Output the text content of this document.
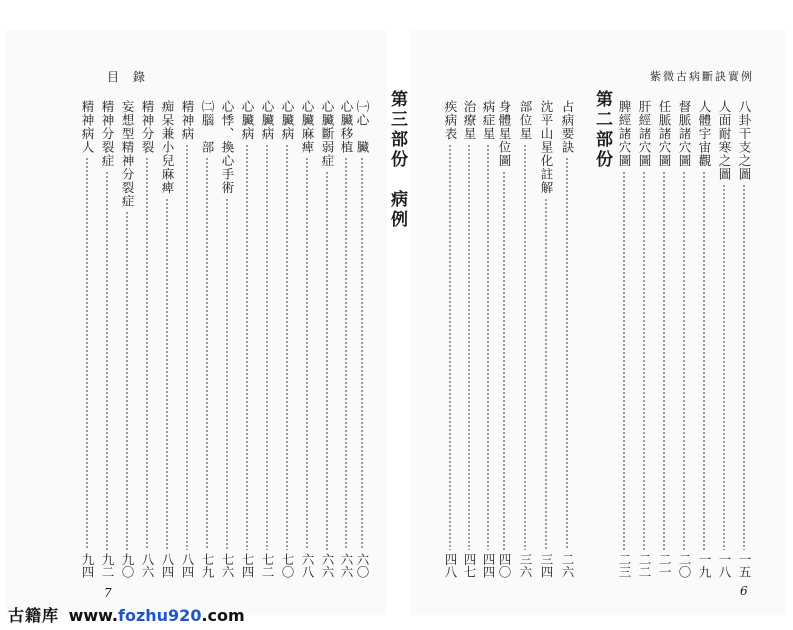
目錄	紫微古病斷訣實例
7	6
八卦干支之圖
一五
人面耐寒之圖
一八
人體宇宙觀
一九
督脈諸穴圖
二〇
任脈諸穴圖
二一
肝經諸穴圖
二二
脾經諸穴圖
二三
第二部份
占病要訣
二六
沈平山星化註解
三四
部位星
三六
身體星位圖
四〇
病症星
四四
治療星
四七
疾病表
四八
第三部份　病例
㈠心　臟
六〇
心臟移植
六六
心臟斷弱症
六六
心臟麻痺
六八
心臟病
七〇
心臟病
七二
心臟病
七四
心悸、換心手術
七六
㈡腦　部
七九
精神病
八四
痴呆兼小兒麻痺
八四
精神分裂
八六
妄想型精神分裂症
九〇
精神分裂症
九二
精神病人
九四
古籍库 www.fozhu920.com
